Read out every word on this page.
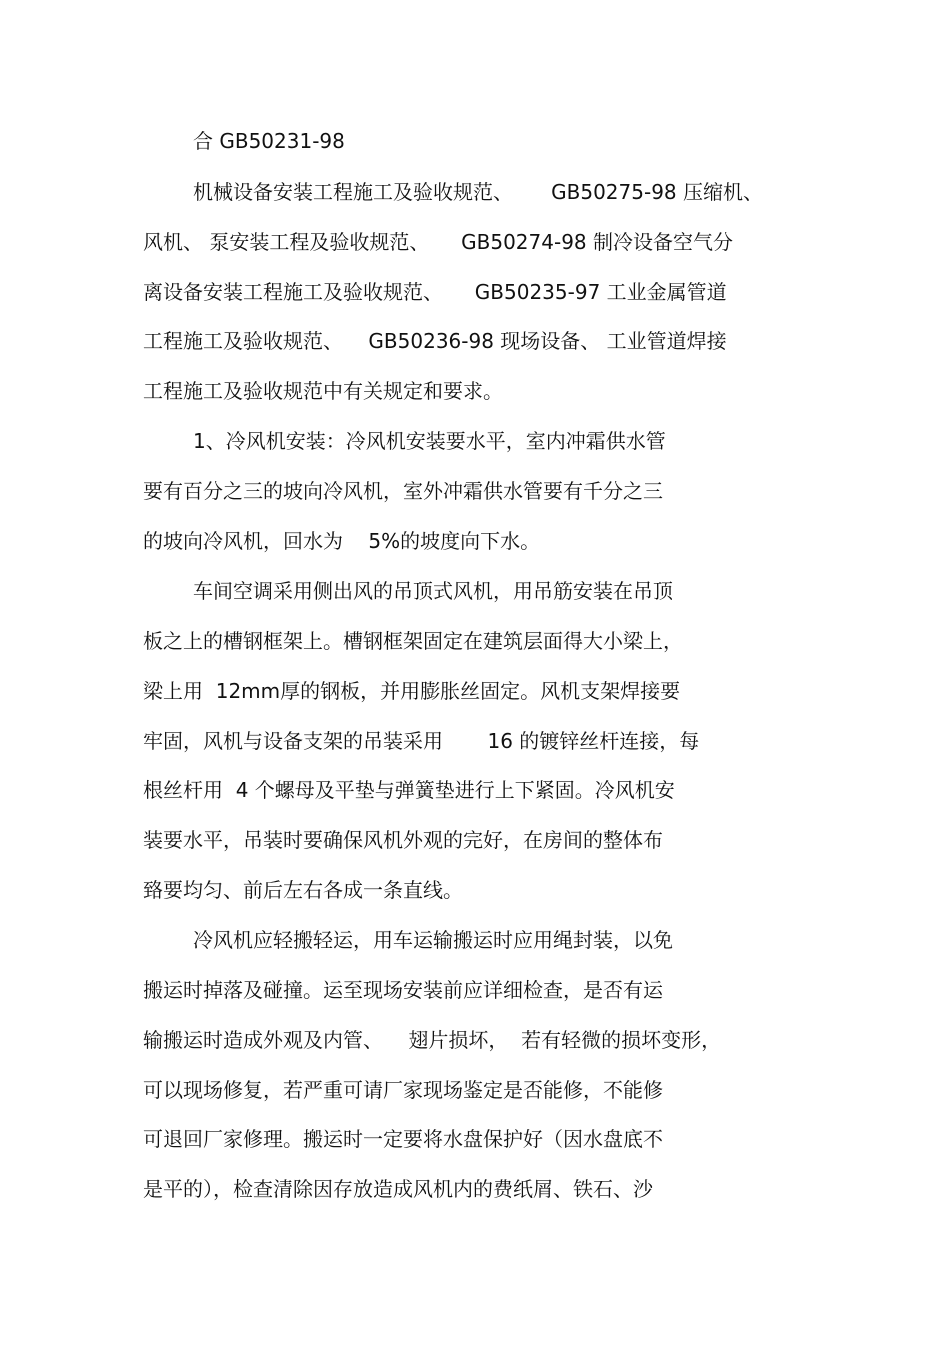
合 GB50231-98
机械设备安装工程施工及验收规范、      GB50275-98 压缩机、
风机、 泵安装工程及验收规范、     GB50274-98 制冷设备空气分
离设备安装工程施工及验收规范、     GB50235-97 工业金属管道
工程施工及验收规范、    GB50236-98 现场设备、 工业管道焊接
工程施工及验收规范中有关规定和要求。
1、冷风机安装：冷风机安装要水平，室内冲霜供水管
要有百分之三的坡向冷风机，室外冲霜供水管要有千分之三
的坡向冷风机，回水为    5%的坡度向下水。
车间空调采用侧出风的吊顶式风机，用吊筋安装在吊顶
板之上的槽钢框架上。槽钢框架固定在建筑层面得大小梁上，
梁上用  12mm厚的钢板，并用膨胀丝固定。风机支架焊接要
牢固，风机与设备支架的吊装采用       16 的镀锌丝杆连接，每
根丝杆用  4 个螺母及平垫与弹簧垫进行上下紧固。冷风机安
装要水平，吊装时要确保风机外观的完好，在房间的整体布
臵要均匀、前后左右各成一条直线。
冷风机应轻搬轻运，用车运输搬运时应用绳封装，以免
搬运时掉落及碰撞。运至现场安装前应详细检查，是否有运
输搬运时造成外观及内管、    翅片损坏，  若有轻微的损坏变形，
可以现场修复，若严重可请厂家现场鉴定是否能修，不能修
可退回厂家修理。搬运时一定要将水盘保护好（因水盘底不
是平的），检查清除因存放造成风机内的费纸屑、铁石、沙
